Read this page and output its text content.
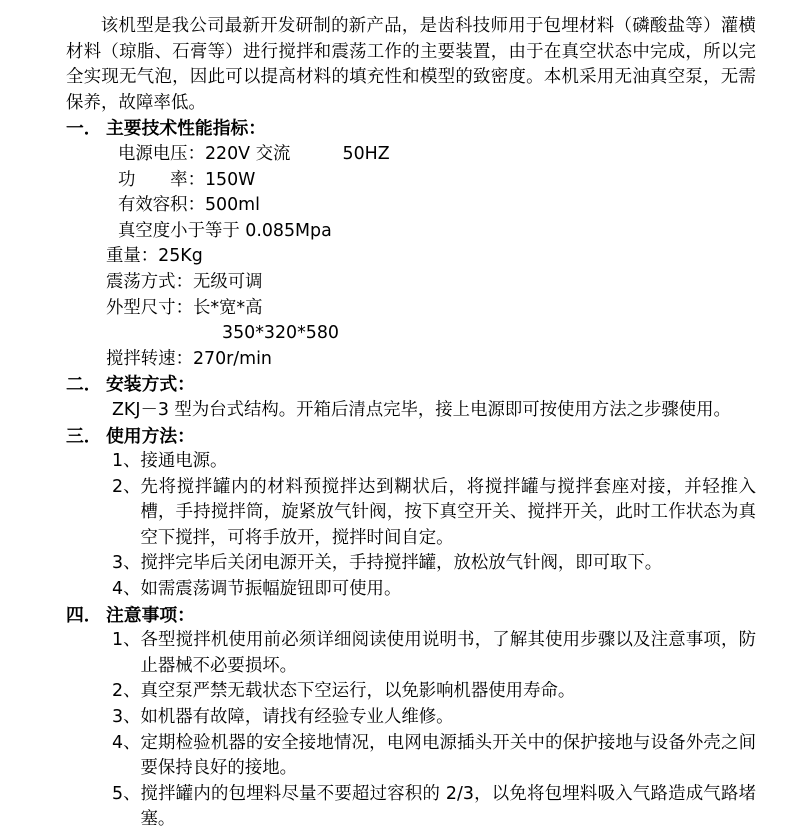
该机型是我公司最新开发研制的新产品，是齿科技师用于包埋材料（磷酸盐等）灌横材料（琼脂、石膏等）进行搅拌和震荡工作的主要装置，由于在真空状态中完成，所以完全实现无气泡，因此可以提高材料的填充性和模型的致密度。本机采用无油真空泵，无需保养，故障率低。

一． 主要技术性能指标：
电源电压：220V 交流　　　50HZ
功　　率：150W
有效容积：500ml
真空度小于等于 0.085Mpa
重量：25Kg
震荡方式：无级可调
外型尺寸：长*宽*高
350*320*580
搅拌转速：270r/min
二． 安装方式：
ZKJ－3 型为台式结构。开箱后清点完毕，接上电源即可按使用方法之步骤使用。
三． 使用方法：
1、 接通电源。
2、 先将搅拌罐内的材料预搅拌达到糊状后，将搅拌罐与搅拌套座对接，并轻推入槽，手持搅拌筒，旋紧放气针阀，按下真空开关、搅拌开关，此时工作状态为真空下搅拌，可将手放开，搅拌时间自定。
3、 搅拌完毕后关闭电源开关，手持搅拌罐，放松放气针阀，即可取下。
4、 如需震荡调节振幅旋钮即可使用。
四． 注意事项：
1、 各型搅拌机使用前必须详细阅读使用说明书，了解其使用步骤以及注意事项，防止器械不必要损坏。
2、 真空泵严禁无载状态下空运行，以免影响机器使用寿命。
3、 如机器有故障，请找有经验专业人维修。
4、 定期检验机器的安全接地情况，电网电源插头开关中的保护接地与设备外壳之间要保持良好的接地。
5、 搅拌罐内的包埋料尽量不要超过容积的 2/3，以免将包埋料吸入气路造成气路堵塞。
